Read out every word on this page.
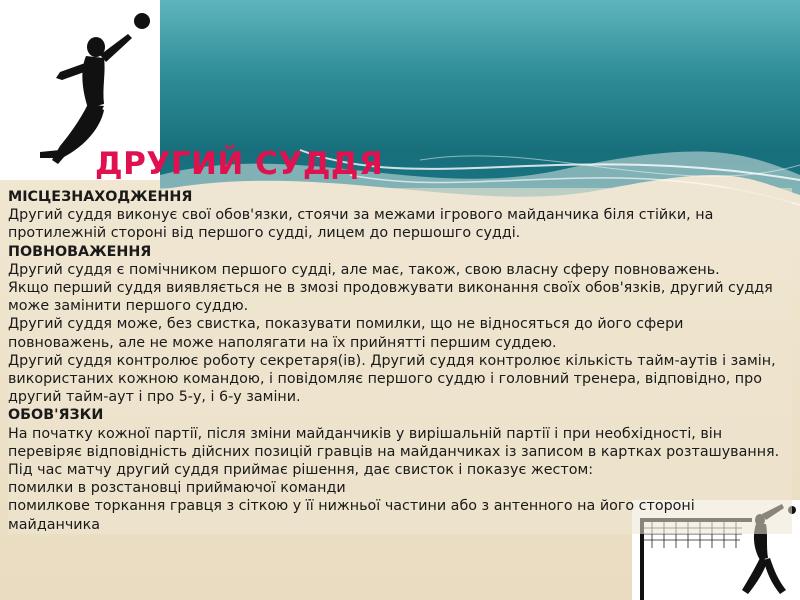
ДРУГИЙ СУДДЯ
МІСЦЕЗНАХОДЖЕННЯ
Другий суддя виконує свої обов'язки, стоячи за межами ігрового майданчика біля стійки, на
протилежній стороні від першого судді, лицем до першошго судді.
ПОВНОВАЖЕННЯ
Другий суддя є помічником першого судді, але має, також, свою власну сферу повноважень.
Якщо перший суддя виявляється не в змозі продовжувати виконання своїх обов'язків, другий суддя
може замінити першого суддю.
Другий суддя може, без свистка, показувати помилки, що не відносяться до його сфери
повноважень, але не може наполягати на їх прийнятті першим суддею.
Другий суддя контролює роботу секретаря(ів). Другий суддя контролює кількість тайм-аутів і замін,
використаних кожною командою, і повідомляє першого суддю і головний тренера, відповідно, про
другий тайм-аут і про 5-у, і 6-у заміни.
ОБОВ'ЯЗКИ
На початку кожної партії, після зміни майданчиків у вирішальній партії і при необхідності, він
перевіряє відповідність дійсних позицій гравців на майданчиках із записом в картках розташування.
Під час матчу другий суддя приймає рішення, дає свисток і показує жестом:
помилки в розстановці приймаючої команди
помилкове торкання гравця з сіткою у її нижньої частини або з антенного на його стороні
майданчика
